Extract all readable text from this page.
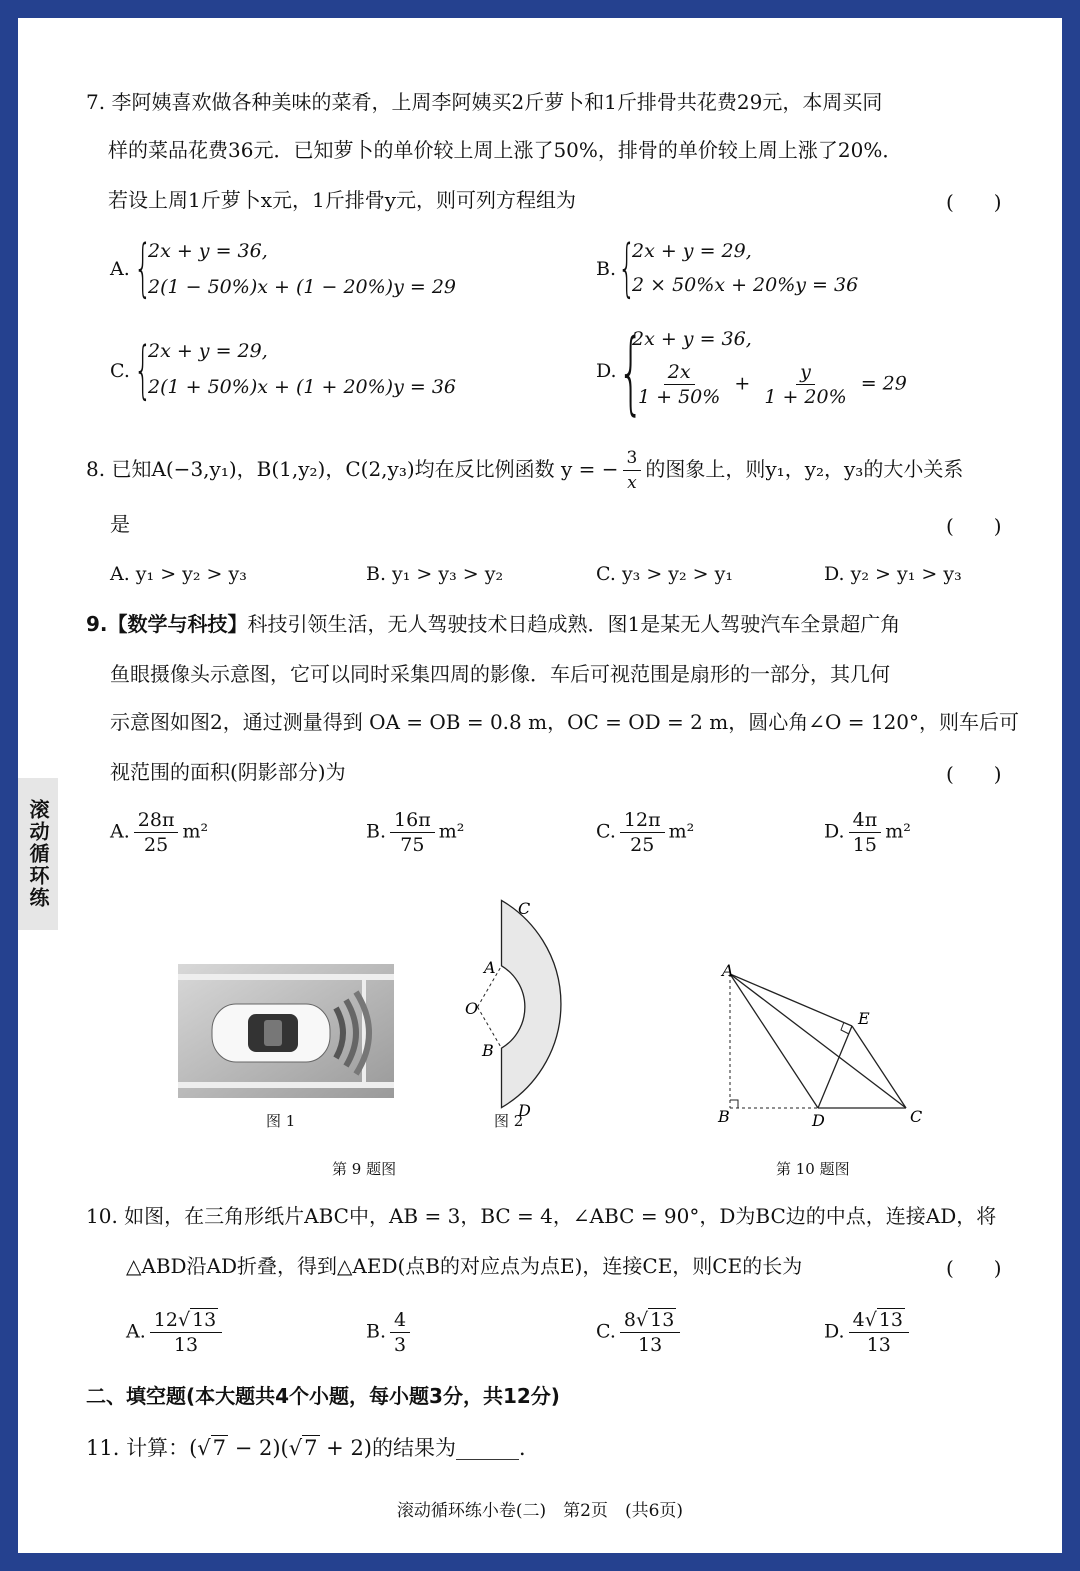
滚动循环练
7. 李阿姨喜欢做各种美味的菜肴，上周李阿姨买2斤萝卜和1斤排骨共花费29元，本周买同
样的菜品花费36元．已知萝卜的单价较上周上涨了50%，排骨的单价较上周上涨了20%．
若设上周1斤萝卜x元，1斤排骨y元，则可列方程组为	(　　)
A. {
2x + y = 36,
2(1 − 50%)x + (1 − 20%)y = 29
B. {
2x + y = 29,
2 × 50%x + 20%y = 36
C. {
2x + y = 29,
2(1 + 50%)x + (1 + 20%)y = 36
D. {
2x + y = 36,
$\frac{2x}{1 + 50\%} + \frac{y}{1 + 20\%} = 29$
8. 已知A(−3,y₁)，B(1,y₂)，C(2,y₃)均在反比例函数 y = − $\frac{3}{x}$ 的图象上，则y₁，y₂，y₃的大小关系
是	(　　)
A. y₁ > y₂ > y₃	B. y₁ > y₃ > y₂	C. y₃ > y₂ > y₁	D. y₂ > y₁ > y₃
9.【数学与科技】科技引领生活，无人驾驶技术日趋成熟．图1是某无人驾驶汽车全景超广角
鱼眼摄像头示意图，它可以同时采集四周的影像．车后可视范围是扇形的一部分，其几何
示意图如图2，通过测量得到 OA = OB = 0.8 m，OC = OD = 2 m，圆心角∠O = 120°，则车后可
视范围的面积(阴影部分)为	(　　)
A. $\frac{28\pi}{25} m^2$	B. $\frac{16\pi}{75} m^2$	C. $\frac{12\pi}{25} m^2$	D. $\frac{4\pi}{15} m^2$
图 1
C
A
O
B
D
图 2
第 9 题图
A
E
B	D	C
第 10 题图
10. 如图，在三角形纸片ABC中，AB = 3，BC = 4，∠ABC = 90°，D为BC边的中点，连接AD，将
△ABD沿AD折叠，得到△AED(点B的对应点为点E)，连接CE，则CE的长为	(　　)
A. $\frac{12√ 13}{13}$	B. $\frac{4}{3}$	C. $\frac{8√ 13}{13}$	D. $\frac{4√ 13}{13}$
二、填空题(本大题共4个小题，每小题3分，共12分)
11. 计算：(√7 − 2)(√7 + 2)的结果为______．
滚动循环练小卷(二)　第2页　(共6页)
